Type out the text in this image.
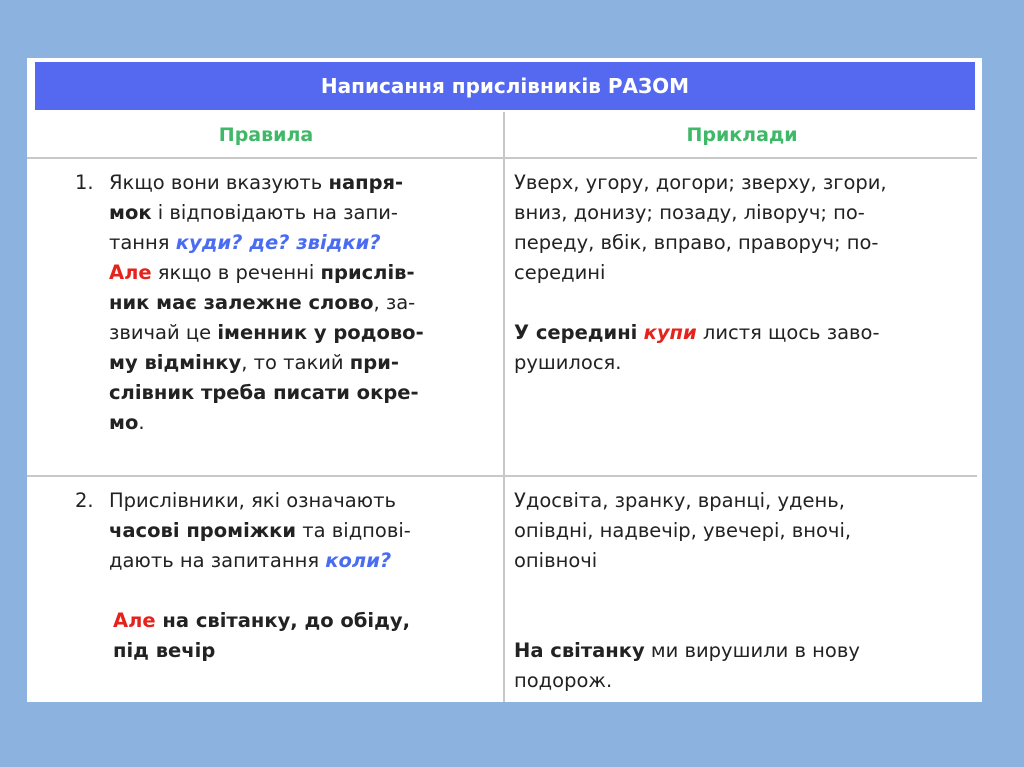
Написання прислівників РАЗОМ
Правила	Приклади
1. Якщо вони вказують напря-
мок і відповідають на запи-
тання куди? де? звідки?
Але якщо в реченні прислів-
ник має залежне слово, за-
звичай це іменник у родово-
му відмінку, то такий при-
слівник треба писати окре-
мо.
Уверх, угору, догори; зверху, згори,
вниз, донизу; позаду, ліворуч; по-
переду, вбік, вправо, праворуч; по-
середині
У середині купи листя щось заво-
рушилося.
2. Прислівники, які означають
часові проміжки та відпові-
дають на запитання коли?
Але на світанку, до обіду,
під вечір
Удосвіта, зранку, вранці, удень,
опівдні, надвечір, увечері, вночі,
опівночі
На світанку ми вирушили в нову
подорож.
